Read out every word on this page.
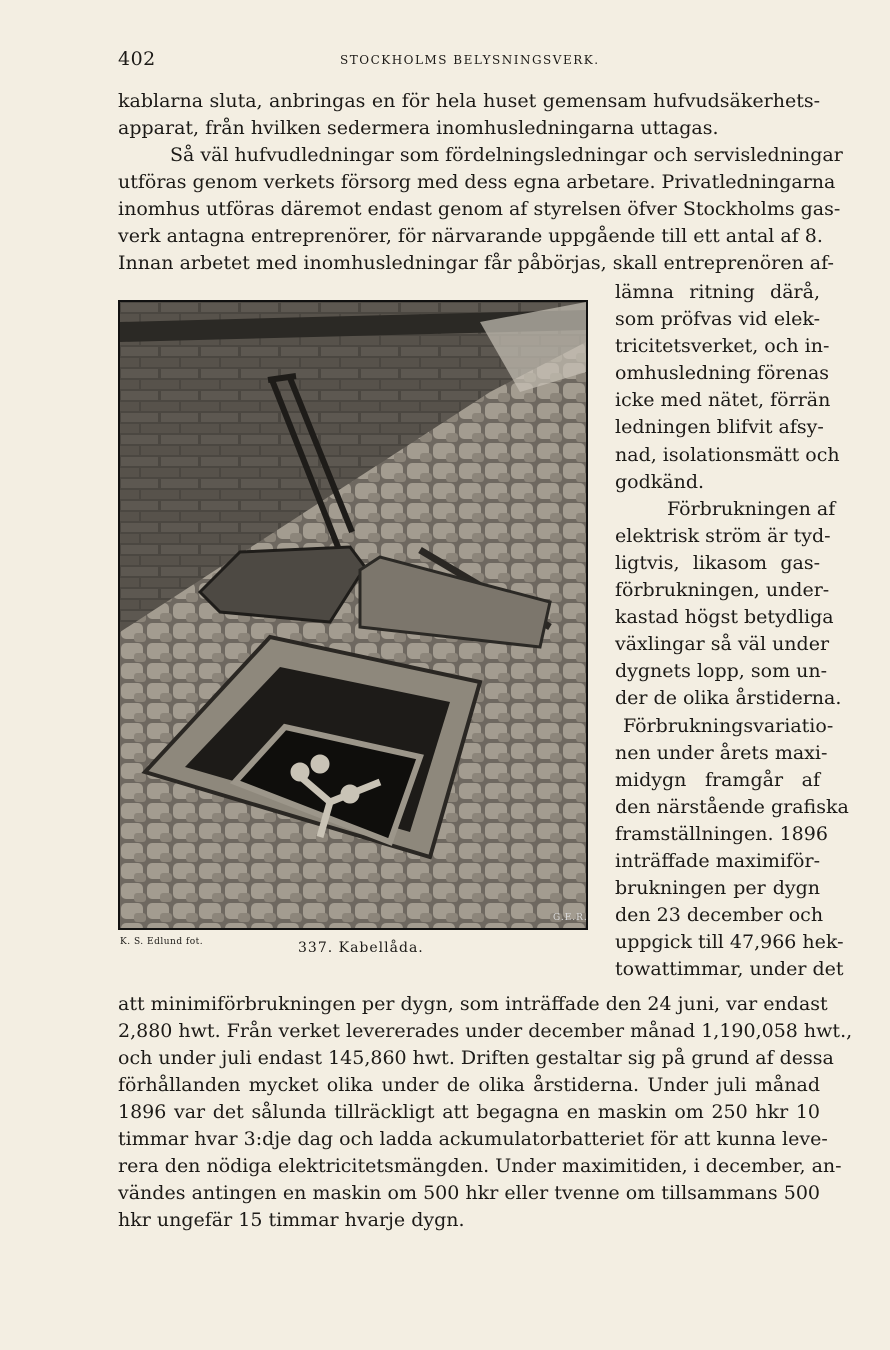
402	STOCKHOLMS BELYSNINGSVERK.
kablarna sluta, anbringas en för hela huset gemensam hufvudsäkerhets-
apparat, från hvilken sedermera inomhusledningarna uttagas.
Så väl hufvudledningar som fördelningsledningar och servisledningar
utföras genom verkets försorg med dess egna arbetare. Privatledningarna
inomhus utföras däremot endast genom af styrelsen öfver Stockholms gas-
verk antagna entreprenörer, för närvarande uppgående till ett antal af 8.
Innan arbetet med inomhusledningar får påbörjas, skall entreprenören af-
G.E.R.
K. S. Edlund fot.	337. Kabellåda.
lämna ritning därå,
som pröfvas vid elek-
tricitetsverket, och in-
omhusledning förenas
icke med nätet, förrän
ledningen blifvit afsy-
nad, isolationsmätt och
godkänd.
Förbrukningen af
elektrisk ström är tyd-
ligtvis, likasom gas-
förbrukningen, under-
kastad högst betydliga
växlingar så väl under
dygnets lopp, som un-
der de olika årstiderna.
Förbrukningsvariatio-
nen under årets maxi-
midygn framgår af
den närstående grafiska
framställningen. 1896
inträffade maximiför-
brukningen per dygn
den 23 december och
uppgick till 47,966 hek-
towattimmar, under det
att minimiförbrukningen per dygn, som inträffade den 24 juni, var endast
2,880 hwt. Från verket levererades under december månad 1,190,058 hwt.,
och under juli endast 145,860 hwt. Driften gestaltar sig på grund af dessa
förhållanden mycket olika under de olika årstiderna. Under juli månad
1896 var det sålunda tillräckligt att begagna en maskin om 250 hkr 10
timmar hvar 3:dje dag och ladda ackumulatorbatteriet för att kunna leve-
rera den nödiga elektricitetsmängden. Under maximitiden, i december, an-
vändes antingen en maskin om 500 hkr eller tvenne om tillsammans 500
hkr ungefär 15 timmar hvarje dygn.
